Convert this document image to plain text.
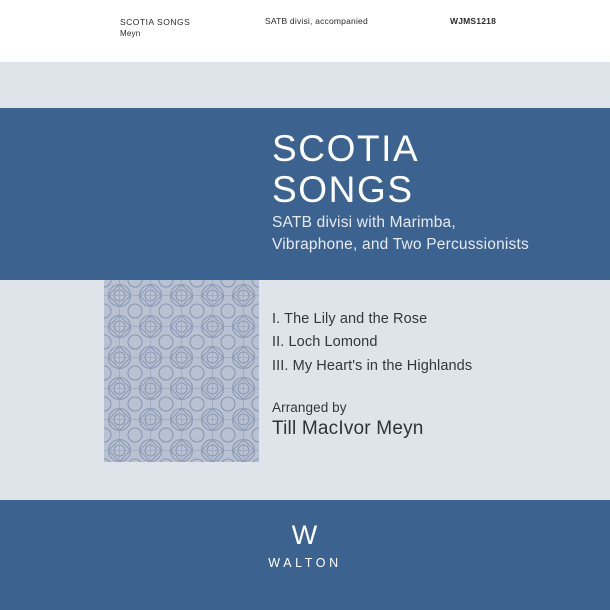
SCOTIA SONGS
Meyn
SATB divisi, accompanied	WJMS1218
SCOTIA
SONGS
SATB divisi with Marimba,
Vibraphone, and Two Percussionists
I. The Lily and the Rose
II. Loch Lomond
III. My Heart's in the Highlands
Arranged by
Till MacIvor Meyn
W
WALTON
